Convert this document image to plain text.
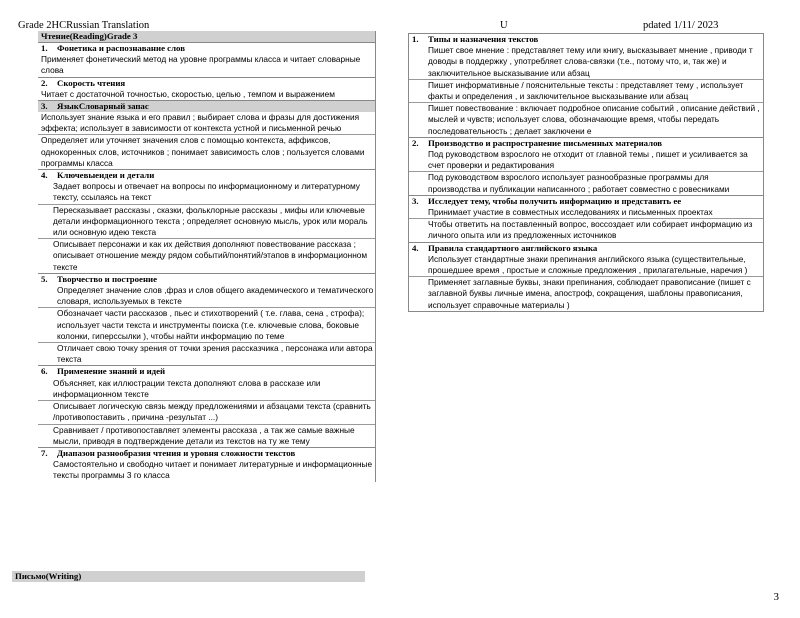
Grade 2HCRussian Translation	U	pdated 1/11/ 2023
Чтение(Reading)Grade 3
1. Фонетика и распознавание слов
Применяет фонетический метод на уровне программы класса и читает словарные слова
2. Скорость чтения
Читает с достаточной точностью, скоростью, целью , темпом и выражением
3. ЯзыкСловарный запас
Использует знание языка и его правил ; выбирает слова и фразы для достижения эффекта; использует в зависимости от контекста устной и письменной речью
Определяет или уточняет значения слов с помощью контекста, аффиксов, однокоренных слов, источников ; понимает зависимость слов ; пользуется словами программы класса
4. Ключевыеидеи и детали
Задает вопросы и отвечает на вопросы по информационному и литературному тексту, ссылаясь на текст
Пересказывает рассказы , сказки, фольклорные рассказы , мифы или ключевые детали информационного текста ; определяет основную мысль, урок или мораль или основную идею текста
Описывает персонажи и как их действия дополняют повествование рассказа ; описывает отношение между рядом событий/понятий/этапов в информационном тексте
5. Творчество и построение
Определяет значение слов ,фраз и слов общего академического и тематического словаря, используемых в тексте
Обозначает части рассказов , пьес и стихотворений ( т.е. глава, сена , строфа); использует части текста и инструменты поиска (т.е. ключевые слова, боковые колонки, гиперссылки ), чтобы найти информацию по теме
Отличает свою точку зрения от точки зрения рассказчика , персонажа или автора текста
6. Применение знаний и идей
Объясняет, как иллюстрации текста дополняют слова в рассказе или информационном тексте
Описывает логическую связь между предложениями и абзацами текста (сравнить /противопоставить , причина -результат ...)
Сравнивает / противопоставляет элементы рассказа , а так же самые важные мысли, приводя в подтверждение детали из текстов на ту же тему
7. Диапазон разнообразия чтения и уровня сложности текстов
Самостоятельно и свободно читает и понимает литературные и информационные тексты программы 3 го класса
1. Типы и назначения текстов
Пишет свое мнение : представляет тему или книгу, высказывает мнение , приводи т доводы в поддержку , употребляет слова-связки (т.е., потому что, и, так же) и заключительное высказывание или абзац
Пишет информативные / пояснительные тексты : представляет тему , использует факты и определения , и заключительное высказывание или абзац
Пишет повествование : включает подробное описание событий , описание действий , мыслей и чувств; использует слова, обозначающие время, чтобы передать последовательность ; делает заключени е
2. Производство и распространение письменных материалов
Под руководством взрослого не отходит от главной темы , пишет и усиливается за счет проверки и редактирования
Под руководством взрослого использует разнообразные программы для производства и публикации написанного ; работает совместно с ровесниками
3. Исследует тему, чтобы получить информацию и представить ее
Принимает участие в совместных исследованиях и письменных проектах
Чтобы ответить на поставленный вопрос, воссоздает или собирает информацию из личного опыта или из предложенных источников
4. Правила стандартного английского языка
Использует стандартные знаки препинания английского языка (существительные, прошедшее время , простые и сложные предложения , прилагательные, наречия )
Применяет заглавные буквы, знаки препинания, соблюдает правописание (пишет с заглавной буквы личные имена, апостроф, сокращения, шаблоны правописания, использует справочные материалы )
Письмо(Writing)
3
